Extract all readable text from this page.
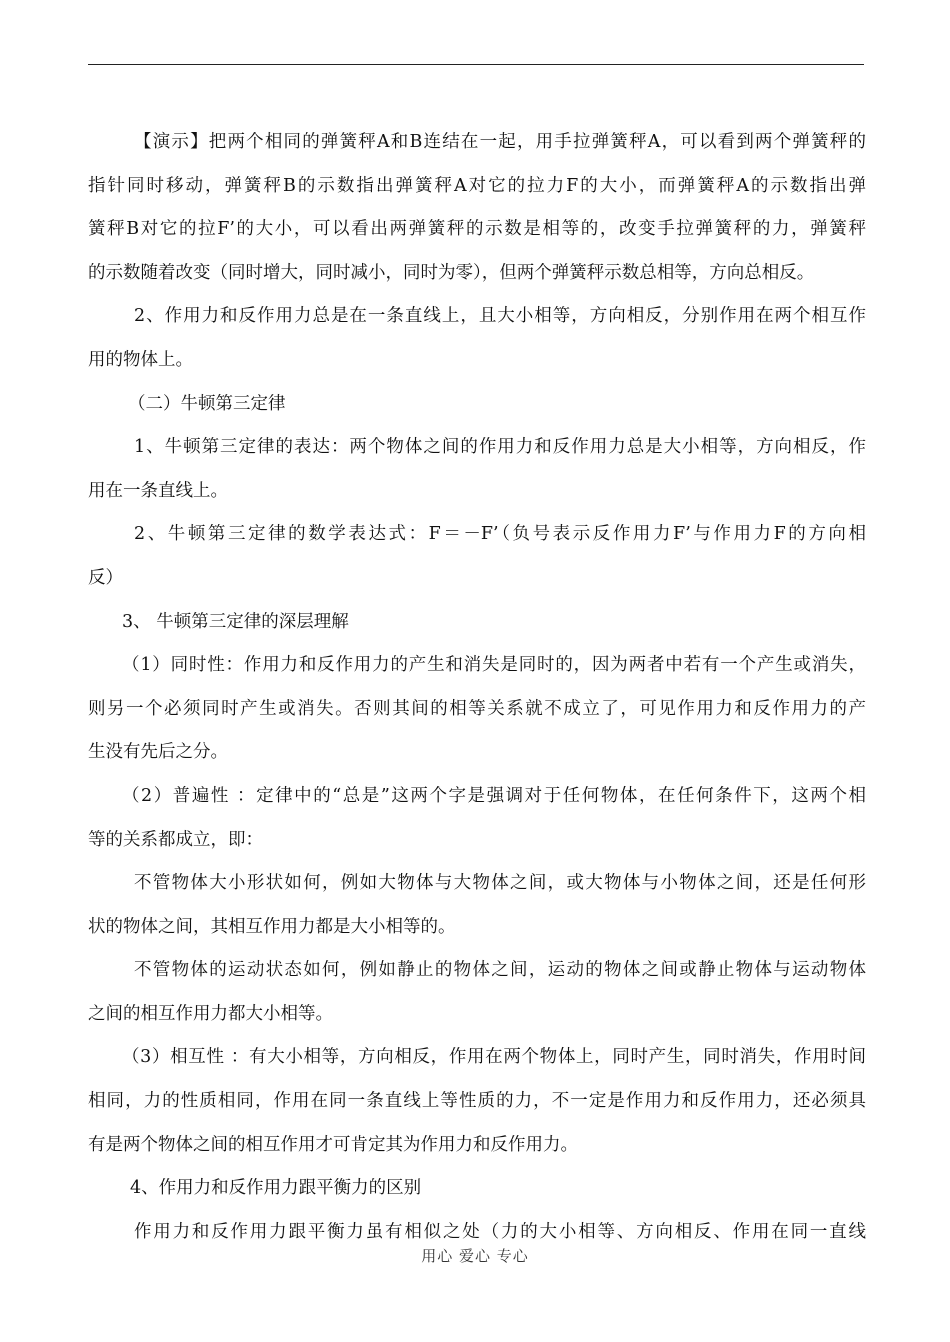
【演示】把两个相同的弹簧秤A和B连结在一起，用手拉弹簧秤A，可以看到两个弹簧秤的
指针同时移动，弹簧秤B的示数指出弹簧秤A对它的拉力F的大小，而弹簧秤A的示数指出弹
簧秤B对它的拉F’的大小，可以看出两弹簧秤的示数是相等的，改变手拉弹簧秤的力，弹簧秤
的示数随着改变（同时增大，同时减小，同时为零），但两个弹簧秤示数总相等，方向总相反。
2、作用力和反作用力总是在一条直线上，且大小相等，方向相反，分别作用在两个相互作
用的物体上。
（二）牛顿第三定律
1、牛顿第三定律的表达：两个物体之间的作用力和反作用力总是大小相等，方向相反，作
用在一条直线上。
2、牛顿第三定律的数学表达式：F＝－F’（负号表示反作用力F’与作用力F的方向相
反）
3、 牛顿第三定律的深层理解
（1）同时性：作用力和反作用力的产生和消失是同时的，因为两者中若有一个产生或消失，
则另一个必须同时产生或消失。否则其间的相等关系就不成立了，可见作用力和反作用力的产
生没有先后之分。
（2）普遍性 ：定律中的“总是”这两个字是强调对于任何物体，在任何条件下，这两个相
等的关系都成立，即：
不管物体大小形状如何，例如大物体与大物体之间，或大物体与小物体之间，还是任何形
状的物体之间，其相互作用力都是大小相等的。
不管物体的运动状态如何，例如静止的物体之间，运动的物体之间或静止物体与运动物体
之间的相互作用力都大小相等。
（3）相互性 ：有大小相等，方向相反，作用在两个物体上，同时产生，同时消失，作用时间
相同，力的性质相同，作用在同一条直线上等性质的力，不一定是作用力和反作用力，还必须具
有是两个物体之间的相互作用才可肯定其为作用力和反作用力。
4、作用力和反作用力跟平衡力的区别
作用力和反作用力跟平衡力虽有相似之处（力的大小相等、方向相反、作用在同一直线
用心 爱心 专心
